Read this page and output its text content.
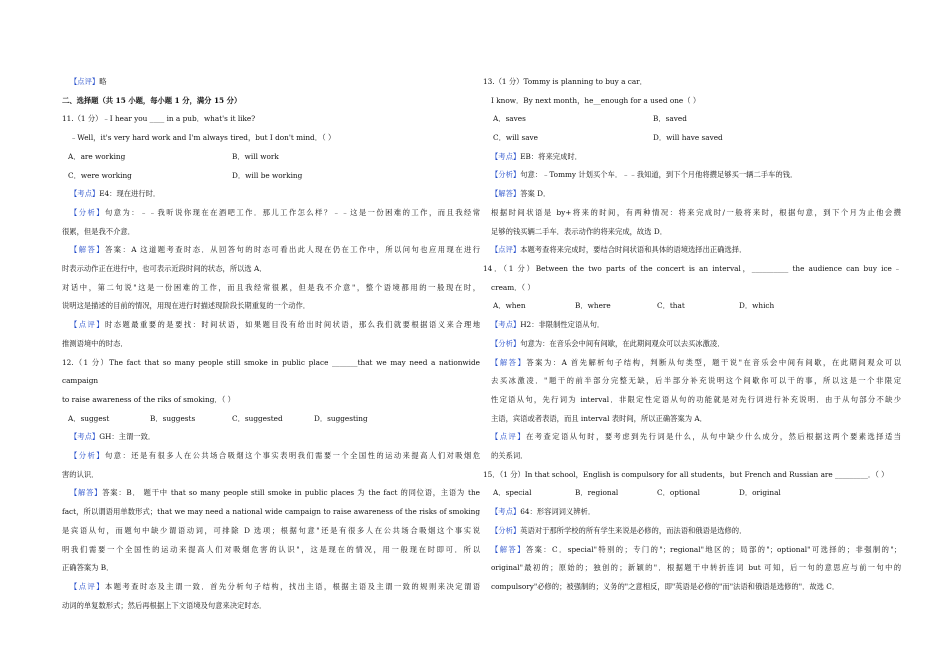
【点评】略
二、选择题（共 15 小题，每小题 1 分，满分 15 分）
11.（1 分）﹣I hear you ____ in a pub．what's it like?
﹣Well，it's very hard work and I'm always tired，but I don't mind．（ ）
A．are working	B．will work
C．were working	D．will be working
【考点】E4：现在进行时．
【分析】句意为：﹣﹣我听说你现在在酒吧工作．那儿工作怎么样？﹣﹣这是一份困难的工作，而且我经常
很累，但是我不介意．
【解答】答案：A 这道题考查时态．从回答句的时态可看出此人现在仍在工作中，所以问句也应用现在进行
时表示动作正在进行中，也可表示近段时间的状态，所以选 A．
对话中，第二句说"这是一份困难的工作，而且我经常很累，但是我不介意"，整个语境都用的一般现在时，
说明这是描述的目前的情况，用现在进行时描述现阶段长期重复的一个动作．
【点评】时态题最重要的是要找：时间状语，如果题目没有给出时间状语，那么我们就要根据语义来合理地
推测语境中的时态．
12.（1 分）The fact that so many people still smoke in public place _______that we may need a nationwide campaign
to raise awareness of the riks of smoking．（ ）
A．suggest	B．suggests	C．suggested	D．suggesting
【考点】GH：主谓一致．
【分析】句意：还是有很多人在公共场合吸烟这个事实表明我们需要一个全国性的运动来提高人们对吸烟危
害的认识．
【解答】答案：B． 题干中 that so many people still smoke in public places 为 the fact 的同位语，主语为 the
fact，所以谓语用单数形式；that we may need a national wide campaign to raise awareness of the risks of smoking
是宾语从句，而题句中缺少谓语动词，可排除 D 选项；根据句意"还是有很多人在公共场合吸烟这个事实说
明我们需要一个全国性的运动来提高人们对吸烟危害的认识"，这是现在的情况，用一般现在时即可．所以
正确答案为 B．
【点评】本题考查时态及主谓一致．首先分析句子结构，找出主语，根据主语及主谓一致的规则来决定谓语
动词的单复数形式；然后再根据上下文语境及句意来决定时态．
13.（1 分）Tommy is planning to buy a car．
I know．By next month，he__enough for a used one（ ）
A．saves	B．saved
C．will save	D．will have saved
【考点】EB：将来完成时．
【分析】句意：﹣Tommy 计划买个车．﹣﹣我知道，到下个月他将攒足够买一辆二手车的钱．
【解答】答案 D．
根据时间状语是 by+将来的时间，有两种情况：将来完成时/一般将来时，根据句意，到下个月为止他会攒
足够的钱买辆二手车．表示动作的将来完成，故选 D．
【点评】本题考查将来完成时，要结合时间状语和具体的语境选择出正确选择．
14．（1 分）Between the two parts of the concert is an interval，__________ the audience can buy ice﹣
cream．（ ）
A．when	B．where	C．that	D．which
【考点】H2：非限制性定语从句．
【分析】句意为：在音乐会中间有间歇，在此期间观众可以去买冰激凌．
【解答】答案为：A 首先解析句子结构，判断从句类型，题干说"在音乐会中间有间歇，在此期间观众可以
去买冰激凌．"题干的前半部分完整无缺，后半部分补充说明这个间歇你可以干的事，所以这是一个非限定
性定语从句，先行词为 interval．非限定性定语从句的功能就是对先行词进行补充说明．由于从句部分不缺少
主语，宾语或者表语，而且 interval 表时间，所以正确答案为 A．
【点评】在考查定语从句时，要考虑到先行词是什么，从句中缺少什么成分，然后根据这两个要素选择适当
的关系词．
15．（1 分）In that school，English is compulsory for all students，but French and Russian are _________．（ ）
A．special	B．regional	C．optional	D．original
【考点】64：形容词词义辨析．
【分析】英语对于那所学校的所有学生来说是必修的，而法语和俄语是选修的．
【解答】答案：C．special"特别的；专门的"；regional"地区的；局部的"；optional"可选择的；非强制的"；
original"最初的；原始的；独创的；新颖的"．根据题干中转折连词 but 可知，后一句的意思应与前一句中的
compulsory"必修的；被强制的；义务的"之意相反，即"英语是必修的"而"法语和俄语是选修的"．故选 C．
